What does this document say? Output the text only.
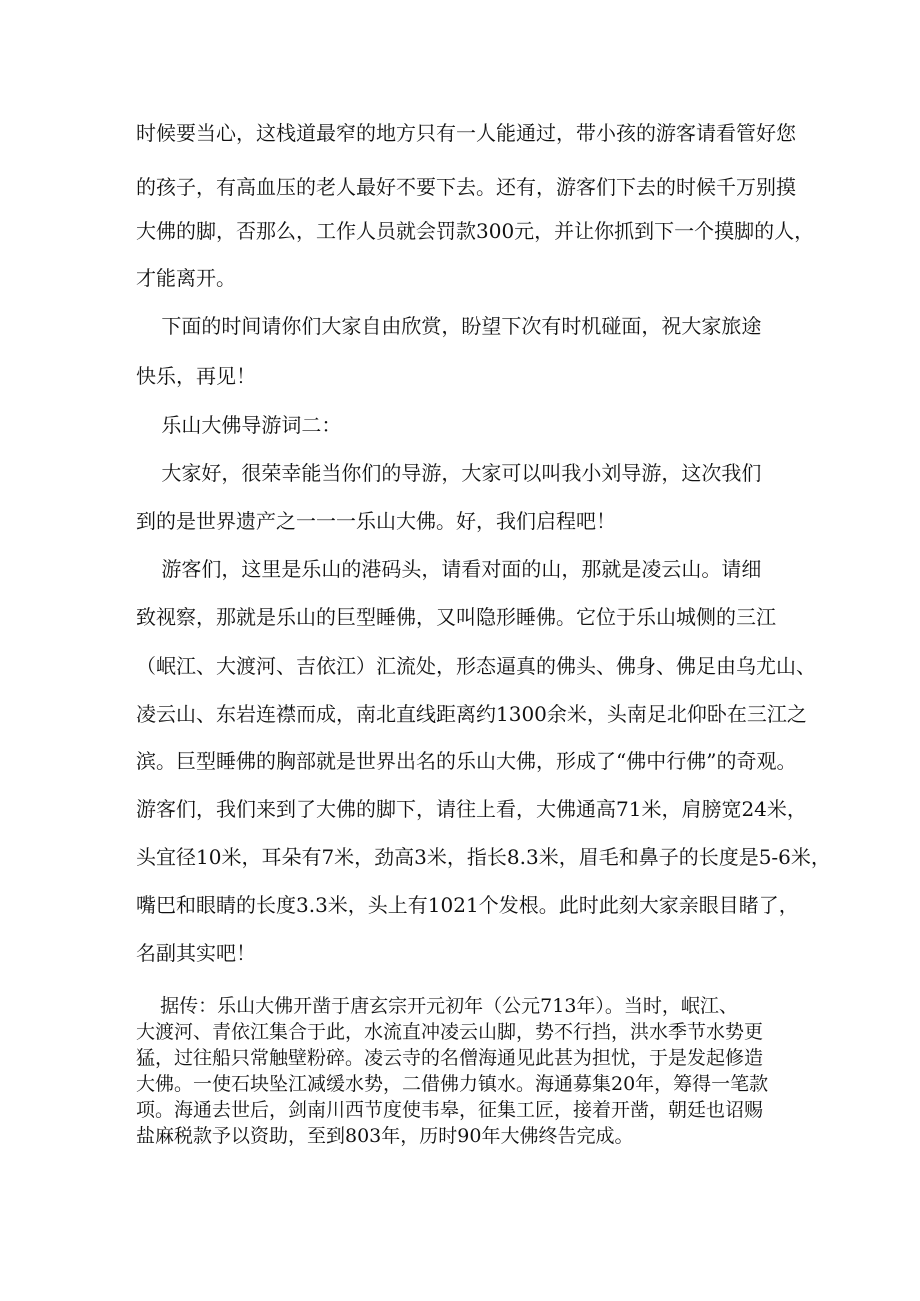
时候要当心，这栈道最窄的地方只有一人能通过，带小孩的游客请看管好您
的孩子，有高血压的老人最好不要下去。还有，游客们下去的时候千万别摸
大佛的脚，否那么，工作人员就会罚款300元，并让你抓到下一个摸脚的人，
才能离开。
下面的时间请你们大家自由欣赏，盼望下次有时机碰面，祝大家旅途
快乐，再见！
乐山大佛导游词二：
大家好，很荣幸能当你们的导游，大家可以叫我小刘导游，这次我们
到的是世界遗产之一一一乐山大佛。好，我们启程吧！
游客们，这里是乐山的港码头，请看对面的山，那就是凌云山。请细
致视察，那就是乐山的巨型睡佛，又叫隐形睡佛。它位于乐山城侧的三江
（岷江、大渡河、吉依江）汇流处，形态逼真的佛头、佛身、佛足由乌尤山、
凌云山、东岩连襟而成，南北直线距离约1300余米，头南足北仰卧在三江之
滨。巨型睡佛的胸部就是世界出名的乐山大佛，形成了“佛中行佛”的奇观。
游客们，我们来到了大佛的脚下，请往上看，大佛通高71米，肩膀宽24米，
头宜径10米，耳朵有7米，劲高3米，指长8.3米，眉毛和鼻子的长度是5-6米，
嘴巴和眼睛的长度3.3米，头上有1021个发根。此时此刻大家亲眼目睹了，
名副其实吧！
据传：乐山大佛开凿于唐玄宗开元初年（公元713年）。当时，岷江、
大渡河、青依江集合于此，水流直冲凌云山脚，势不行挡，洪水季节水势更
猛，过往船只常触壁粉碎。凌云寺的名僧海通见此甚为担忧，于是发起修造
大佛。一使石块坠江减缓水势，二借佛力镇水。海通募集20年，筹得一笔款
项。海通去世后，剑南川西节度使韦皋，征集工匠，接着开凿，朝廷也诏赐
盐麻税款予以资助，至到803年，历时90年大佛终告完成。
